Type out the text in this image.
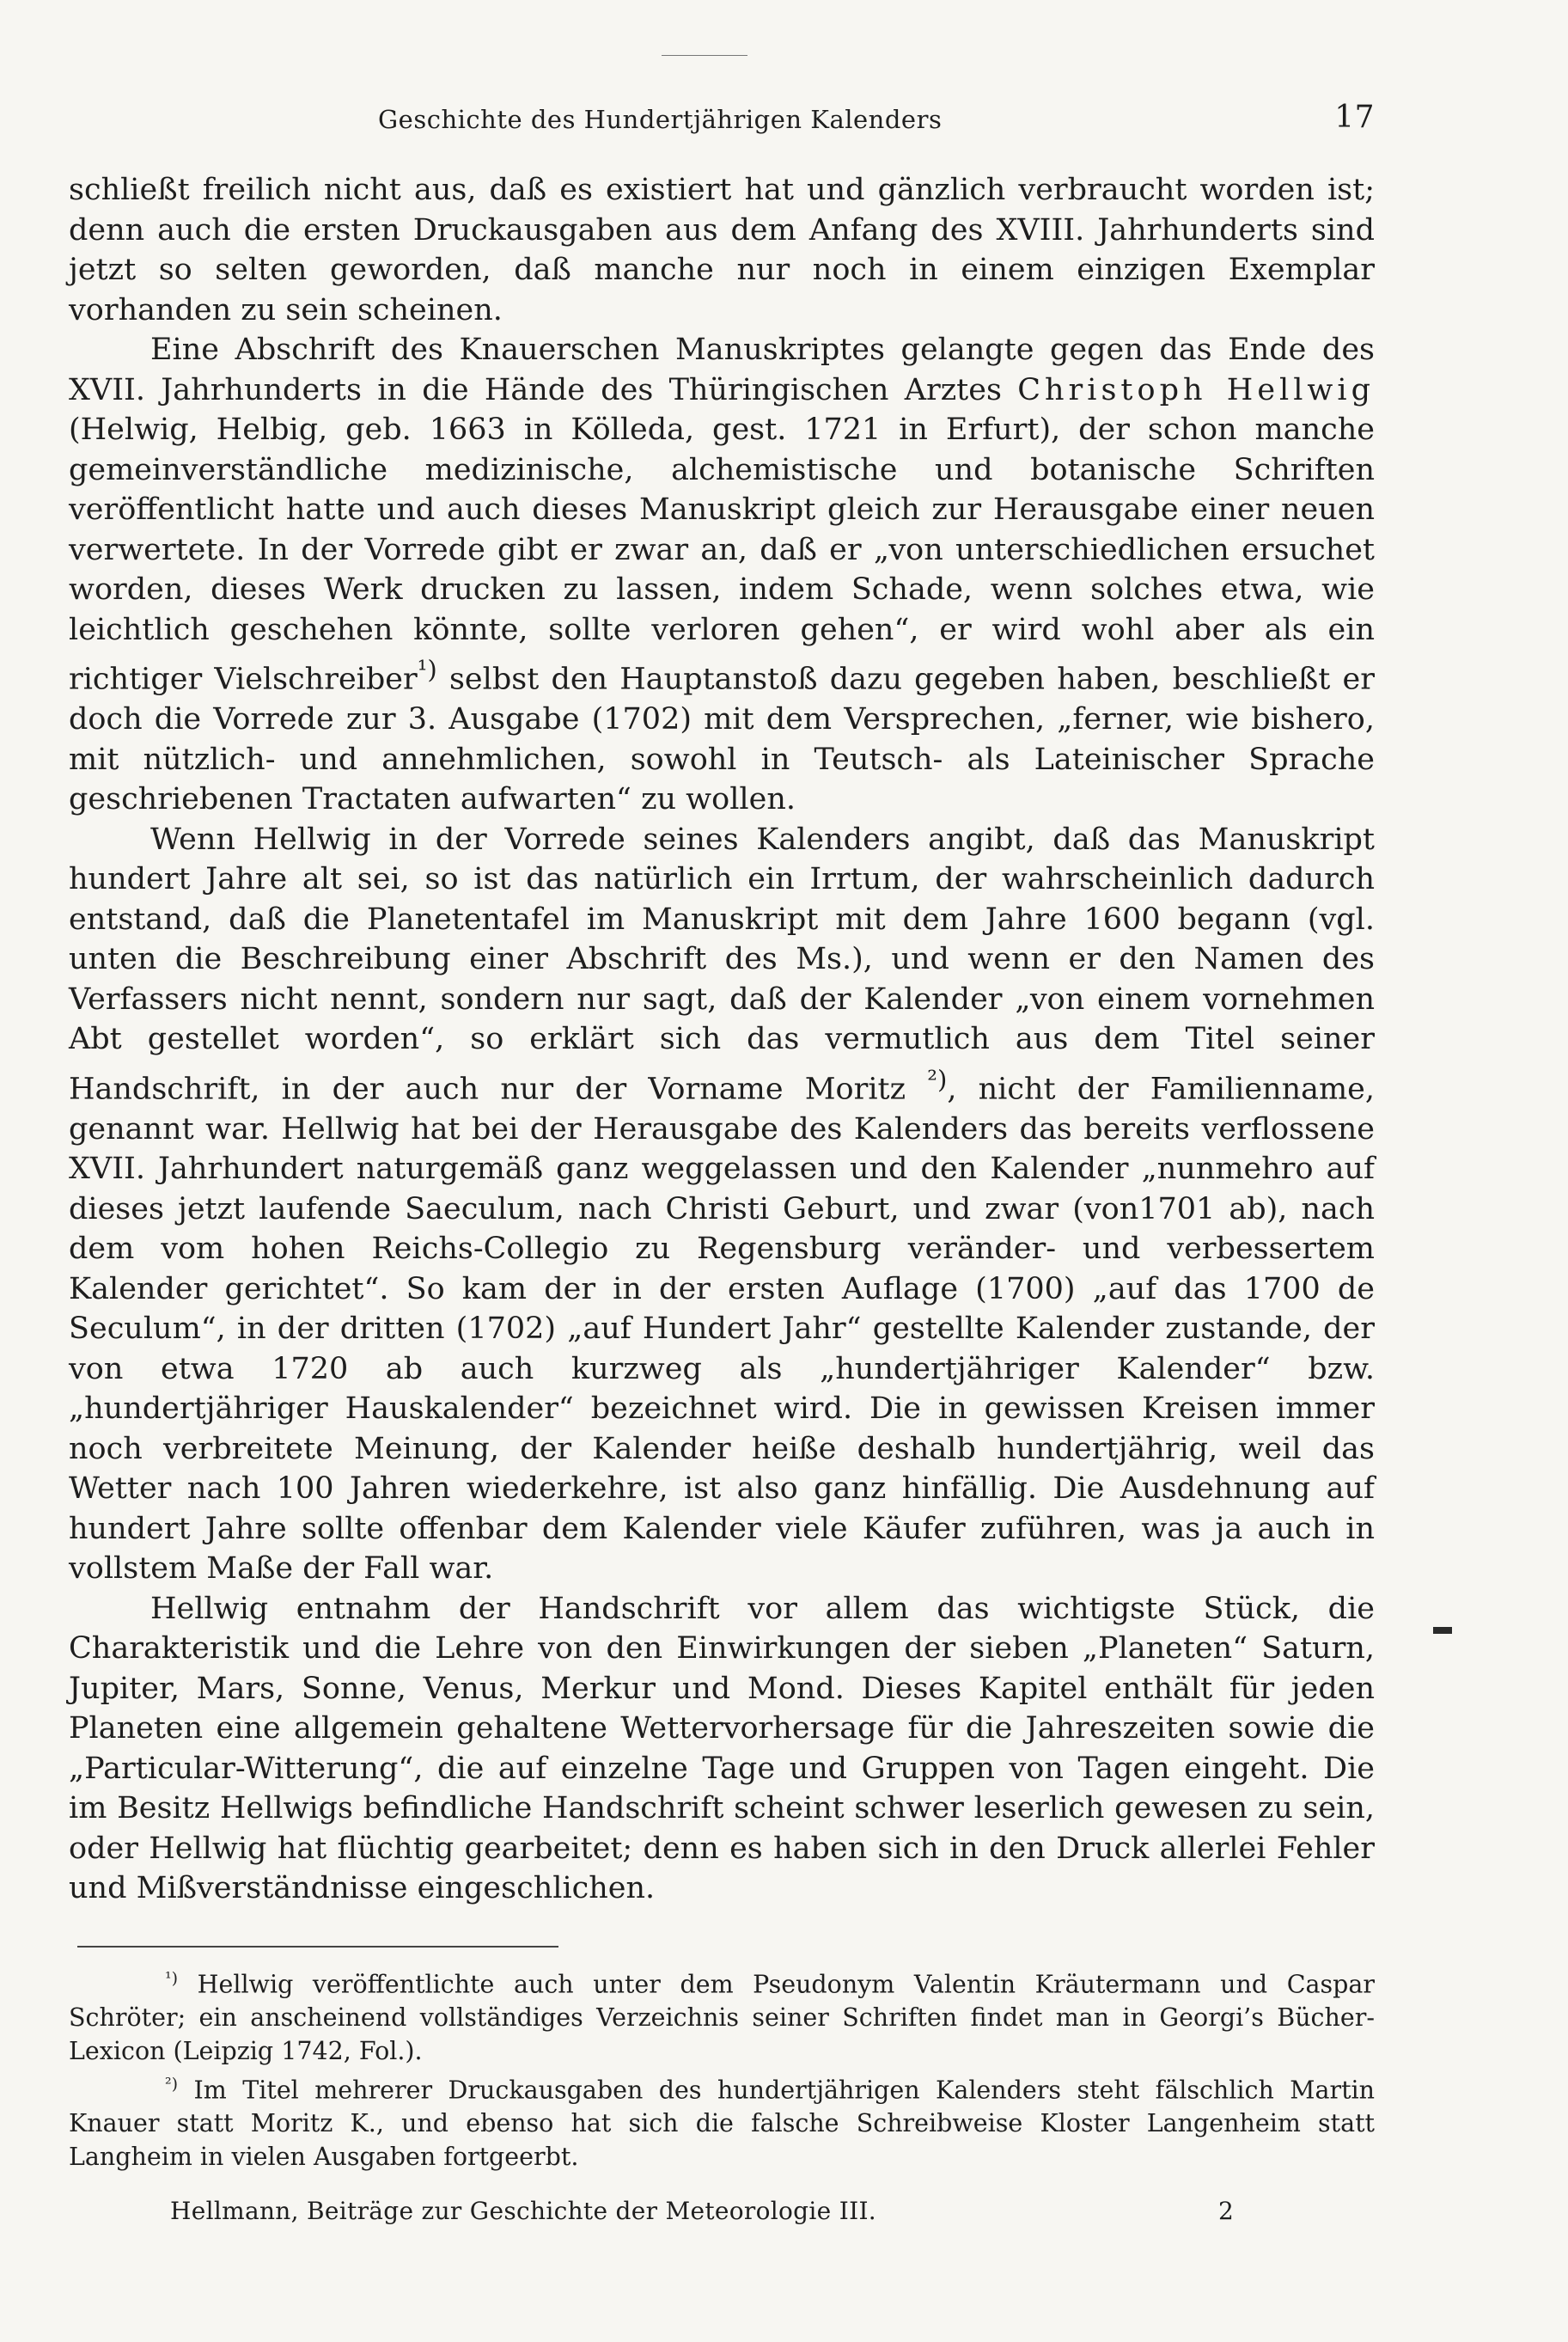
Geschichte des Hundertjährigen Kalenders	17

schließt freilich nicht aus, daß es existiert hat und gänzlich verbraucht worden ist; denn auch die ersten Druckausgaben aus dem Anfang des XVIII. Jahrhunderts sind jetzt so selten geworden, daß manche nur noch in einem einzigen Exemplar vorhanden zu sein scheinen.

Eine Abschrift des Knauerschen Manuskriptes gelangte gegen das Ende des XVII. Jahrhunderts in die Hände des Thüringischen Arztes Christoph Hellwig (Helwig, Helbig, geb. 1663 in Kölleda, gest. 1721 in Erfurt), der schon manche gemeinverständliche medizinische, alchemistische und botanische Schriften veröffentlicht hatte und auch dieses Manuskript gleich zur Herausgabe einer neuen verwertete. In der Vorrede gibt er zwar an, daß er „von unterschiedlichen ersuchet worden, dieses Werk drucken zu lassen, indem Schade, wenn solches etwa, wie leichtlich geschehen könnte, sollte verloren gehen“, er wird wohl aber als ein richtiger Vielschreiber$^{^1)}$ selbst den Hauptanstoß dazu gegeben haben, beschließt er doch die Vorrede zur 3. Ausgabe (1702) mit dem Versprechen, „ferner, wie bishero, mit nützlich- und annehmlichen, sowohl in Teutsch- als Lateinischer Sprache geschriebenen Tractaten aufwarten“ zu wollen.

Wenn Hellwig in der Vorrede seines Kalenders angibt, daß das Manuskript hundert Jahre alt sei, so ist das natürlich ein Irrtum, der wahrscheinlich dadurch entstand, daß die Planetentafel im Manuskript mit dem Jahre 1600 begann (vgl. unten die Beschreibung einer Abschrift des Ms.), und wenn er den Namen des Verfassers nicht nennt, sondern nur sagt, daß der Kalender „von einem vornehmen Abt gestellet worden“, so erklärt sich das vermutlich aus dem Titel seiner Handschrift, in der auch nur der Vorname Moritz $^{^2)}$, nicht der Familienname, genannt war. Hellwig hat bei der Herausgabe des Kalenders das bereits verflossene XVII. Jahrhundert naturgemäß ganz weggelassen und den Kalender „nunmehro auf dieses jetzt laufende Saeculum, nach Christi Geburt, und zwar (von1701 ab), nach dem vom hohen Reichs-Collegio zu Regensburg veränder- und verbessertem Kalender gerichtet“. So kam der in der ersten Auflage (1700) „auf das 1700 de Seculum“, in der dritten (1702) „auf Hundert Jahr“ gestellte Kalender zustande, der von etwa 1720 ab auch kurzweg als „hundertjähriger Kalender“ bzw. „hundertjähriger Hauskalender“ bezeichnet wird. Die in gewissen Kreisen immer noch verbreitete Meinung, der Kalender heiße deshalb hundertjährig, weil das Wetter nach 100 Jahren wiederkehre, ist also ganz hinfällig. Die Ausdehnung auf hundert Jahre sollte offenbar dem Kalender viele Käufer zuführen, was ja auch in vollstem Maße der Fall war.

Hellwig entnahm der Handschrift vor allem das wichtigste Stück, die Charakteristik und die Lehre von den Einwirkungen der sieben „Planeten“ Saturn, Jupiter, Mars, Sonne, Venus, Merkur und Mond. Dieses Kapitel enthält für jeden Planeten eine allgemein gehaltene Wettervorhersage für die Jahreszeiten sowie die „Particular-Witterung“, die auf einzelne Tage und Gruppen von Tagen eingeht. Die im Besitz Hellwigs befindliche Handschrift scheint schwer leserlich gewesen zu sein, oder Hellwig hat flüchtig gearbeitet; denn es haben sich in den Druck allerlei Fehler und Mißverständnisse eingeschlichen.

$^{^1)}$ Hellwig veröffentlichte auch unter dem Pseudonym Valentin Kräutermann und Caspar Schröter; ein anscheinend vollständiges Verzeichnis seiner Schriften findet man in Georgi’s Bücher-Lexicon (Leipzig 1742, Fol.).

$^{^2)}$ Im Titel mehrerer Druckausgaben des hundertjährigen Kalenders steht fälschlich Martin Knauer statt Moritz K., und ebenso hat sich die falsche Schreibweise Kloster Langenheim statt Langheim in vielen Ausgaben fortgeerbt.

Hellmann, Beiträge zur Geschichte der Meteorologie III.	2
